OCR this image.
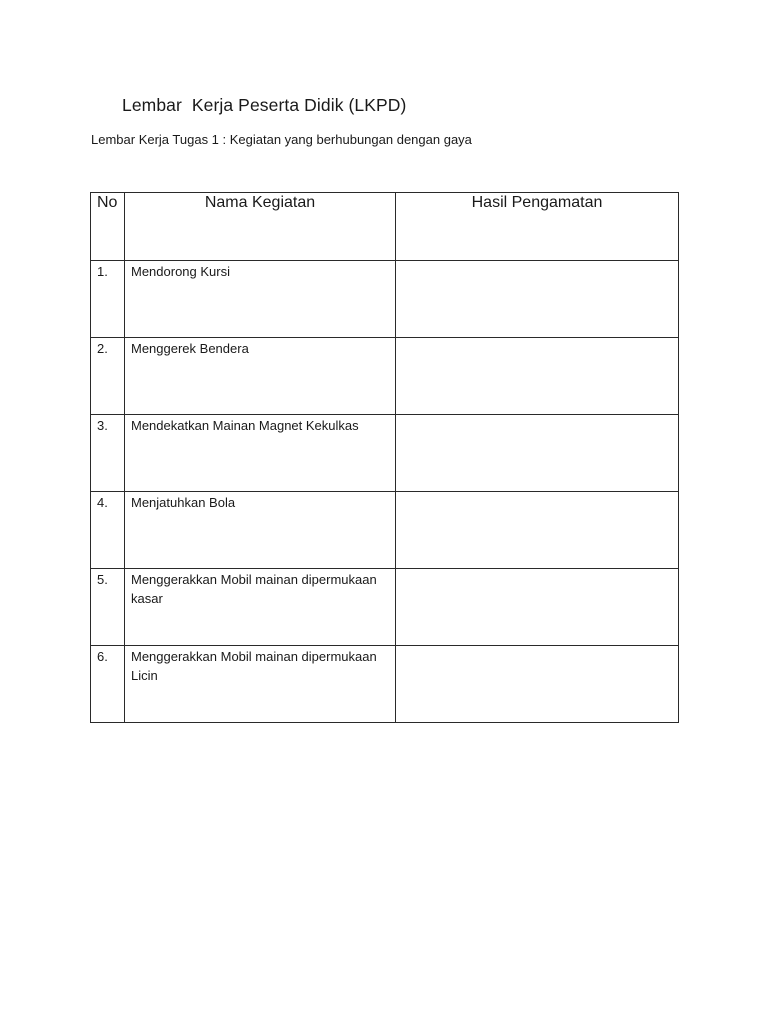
Lembar  Kerja Peserta Didik (LKPD)
Lembar Kerja Tugas 1 : Kegiatan yang berhubungan dengan gaya
No	Nama Kegiatan	Hasil Pengamatan
1.	Mendorong Kursi	
2.	Menggerek Bendera	
3.	Mendekatkan Mainan Magnet Kekulkas	
4.	Menjatuhkan Bola	
5.	Menggerakkan Mobil mainan dipermukaan kasar	
6.	Menggerakkan Mobil mainan dipermukaan Licin	
